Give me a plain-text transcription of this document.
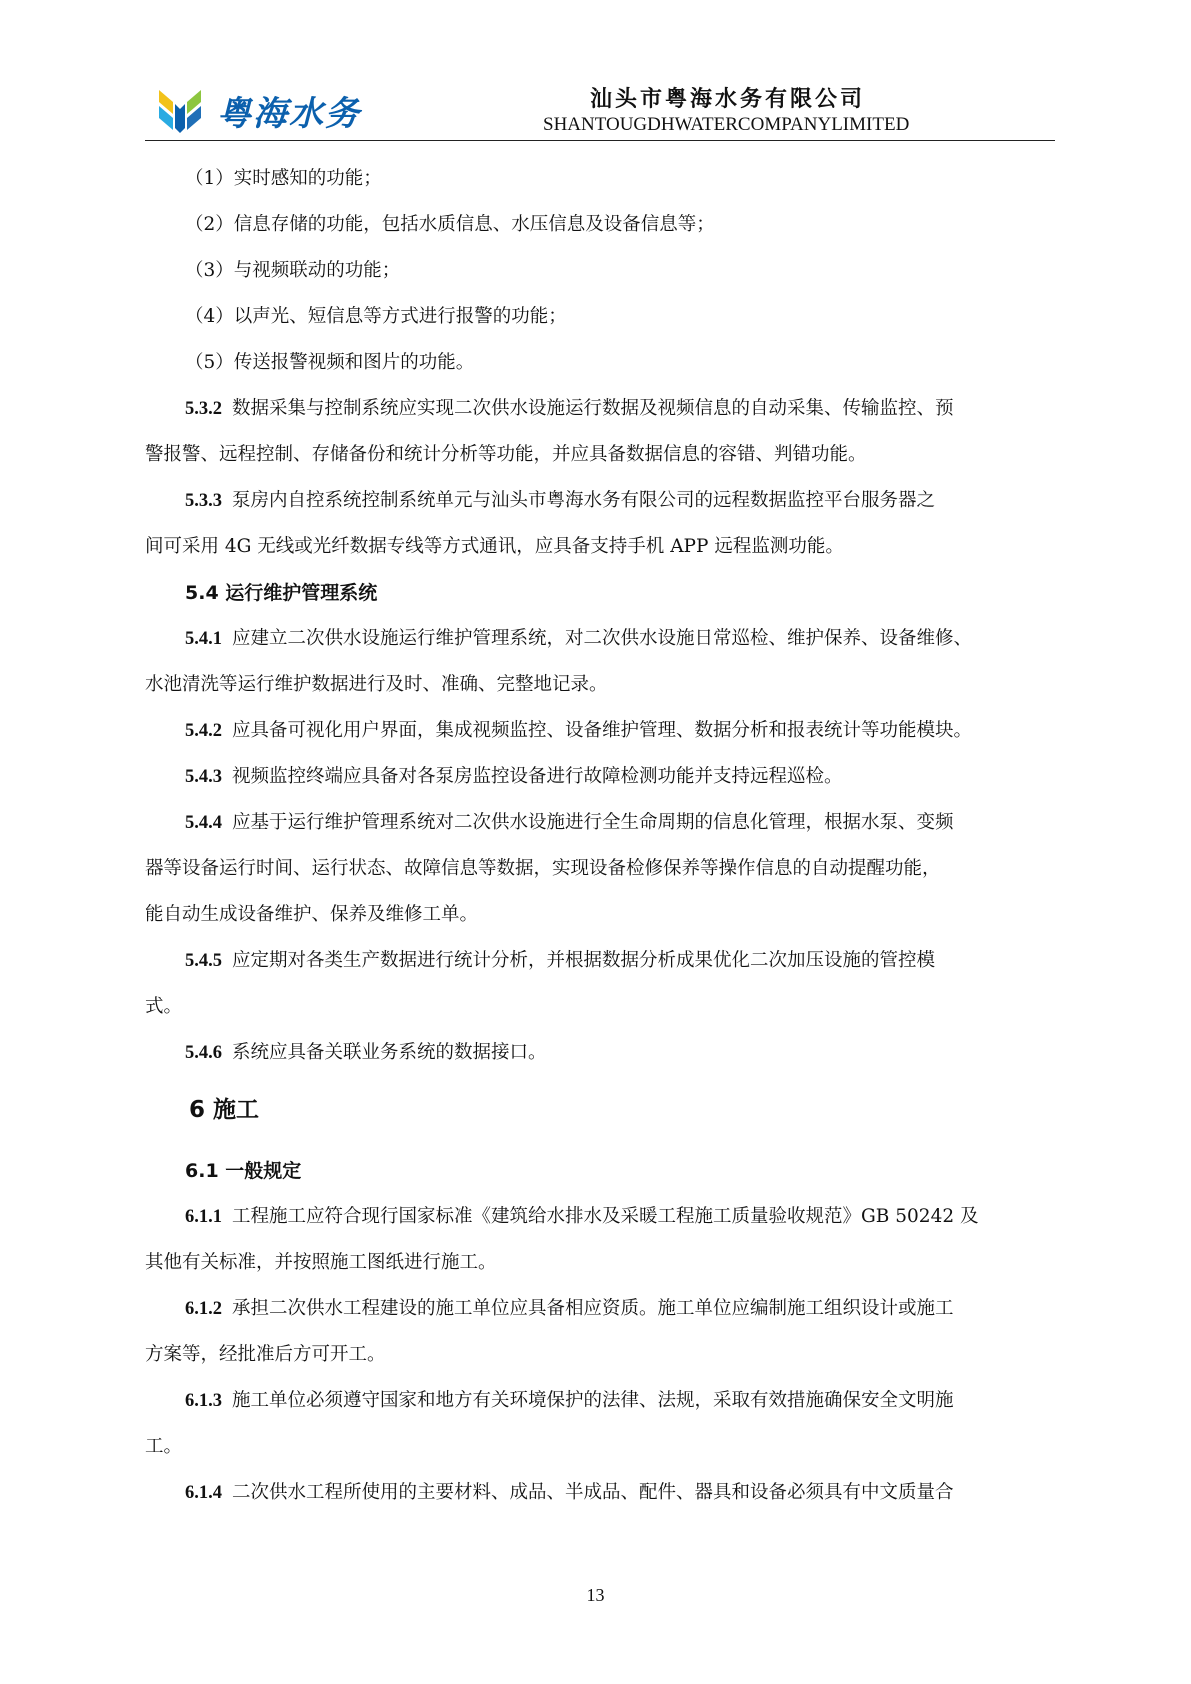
粤海水务	汕头市粤海水务有限公司
SHANTOUGDHWATERCOMPANYLIMITED
（1）实时感知的功能；
（2）信息存储的功能，包括水质信息、水压信息及设备信息等；
（3）与视频联动的功能；
（4）以声光、短信息等方式进行报警的功能；
（5）传送报警视频和图片的功能。
5.3.2 数据采集与控制系统应实现二次供水设施运行数据及视频信息的自动采集、传输监控、预
警报警、远程控制、存储备份和统计分析等功能，并应具备数据信息的容错、判错功能。
5.3.3 泵房内自控系统控制系统单元与汕头市粤海水务有限公司的远程数据监控平台服务器之
间可采用 4G 无线或光纤数据专线等方式通讯，应具备支持手机 APP 远程监测功能。
5.4 运行维护管理系统
5.4.1 应建立二次供水设施运行维护管理系统，对二次供水设施日常巡检、维护保养、设备维修、
水池清洗等运行维护数据进行及时、准确、完整地记录。
5.4.2 应具备可视化用户界面，集成视频监控、设备维护管理、数据分析和报表统计等功能模块。
5.4.3 视频监控终端应具备对各泵房监控设备进行故障检测功能并支持远程巡检。
5.4.4 应基于运行维护管理系统对二次供水设施进行全生命周期的信息化管理，根据水泵、变频
器等设备运行时间、运行状态、故障信息等数据，实现设备检修保养等操作信息的自动提醒功能，
能自动生成设备维护、保养及维修工单。
5.4.5 应定期对各类生产数据进行统计分析，并根据数据分析成果优化二次加压设施的管控模
式。
5.4.6 系统应具备关联业务系统的数据接口。
6 施工
6.1 一般规定
6.1.1 工程施工应符合现行国家标准《建筑给水排水及采暖工程施工质量验收规范》GB 50242 及
其他有关标准，并按照施工图纸进行施工。
6.1.2 承担二次供水工程建设的施工单位应具备相应资质。施工单位应编制施工组织设计或施工
方案等，经批准后方可开工。
6.1.3 施工单位必须遵守国家和地方有关环境保护的法律、法规，采取有效措施确保安全文明施
工。
6.1.4 二次供水工程所使用的主要材料、成品、半成品、配件、器具和设备必须具有中文质量合
13
